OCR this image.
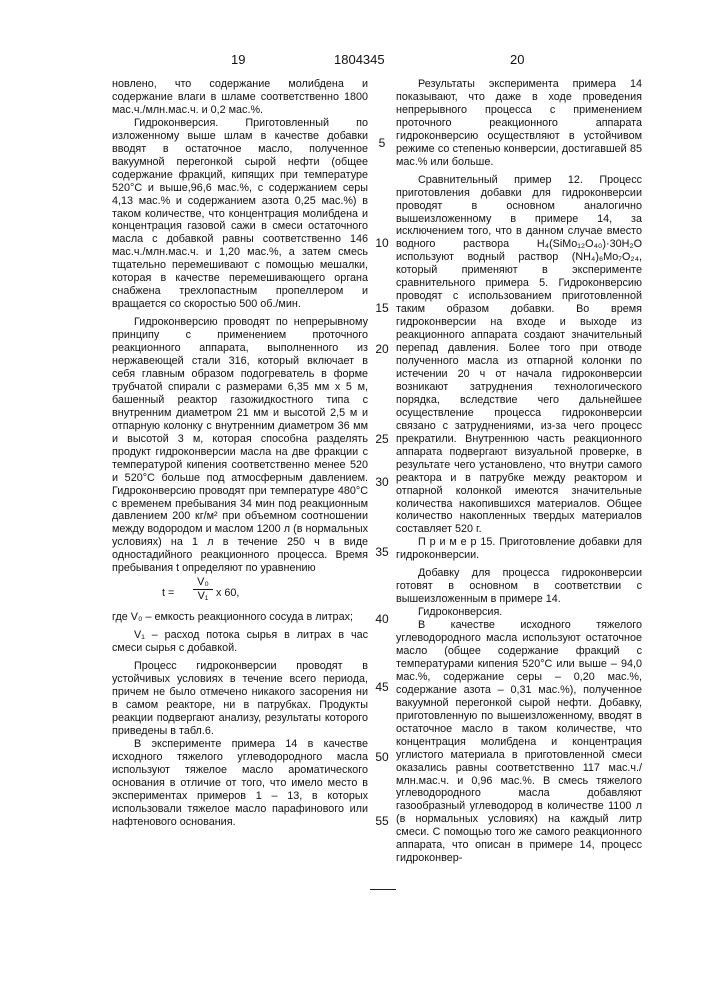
19	1804345	20

новлено, что содержание молибдена и содержание влаги в шламе соответственно 1800 мас.ч./млн.мас.ч. и 0,2 мас.%.

Гидроконверсия. Приготовленный по изложенному выше шлам в качестве добавки вводят в остаточное масло, полученное вакуумной перегонкой сырой нефти (общее содержание фракций, кипящих при температуре 520°С и выше,96,6 мас.%, с содержанием серы 4,13 мас.% и содержанием азота 0,25 мас.%) в таком количестве, что концентрация молибдена и концентрация газовой сажи в смеси остаточного масла с добавкой равны соответственно 146 мас.ч./млн.мас.ч. и 1,20 мас.%, а затем смесь тщательно перемешивают с помощью мешалки, которая в качестве перемешивающего органа снабжена трехлопастным пропеллером и вращается со скоростью 500 об./мин.

Гидроконверсию проводят по непрерывному принципу с применением проточного реакционного аппарата, выполненного из нержавеющей стали 316, который включает в себя главным образом подогреватель в форме трубчатой спирали с размерами 6,35 мм х 5 м, башенный реактор газожидкостного типа с внутренним диаметром 21 мм и высотой 2,5 м и отпарную колонку с внутренним диаметром 36 мм и высотой 3 м, которая способна разделять продукт гидроконверсии масла на две фракции с температурой кипения соответственно менее 520 и 520°С больше под атмосферным давлением. Гидроконверсию проводят при температуре 480°С с временем пребывания 34 мин под реакционным давлением 200 кг/м² при объемном соотношении между водородом и маслом 1200 л (в нормальных условиях) на 1 л в течение 250 ч в виде одностадийного реакционного процесса. Время пребывания t определяют по уравнению

t =
V₀
V₁ x 60,

где V₀ – емкость реакционного сосуда в литрах;

V₁ – расход потока сырья в литрах в час смеси сырья с добавкой.

Процесс гидроконверсии проводят в устойчивых условиях в течение всего периода, причем не было отмечено никакого засорения ни в самом реакторе, ни в патрубках. Продукты реакции подвергают анализу, результаты которого приведены в табл.6.

В эксперименте примера 14 в качестве исходного тяжелого углеводородного масла используют тяжелое масло ароматического основания в отличие от того, что имело место в экспериментах примеров 1 – 13, в которых использовали тяжелое масло парафинового или нафтенового основания.

Результаты эксперимента примера 14 показывают, что даже в ходе проведения непрерывного процесса с применением проточного реакционного аппарата гидроконверсию осуществляют в устойчивом режиме со степенью конверсии, достигавшей 85 мас.% или больше.

Сравнительный пример 12. Процесс приготовления добавки для гидроконверсии проводят в основном аналогично вышеизложенному в примере 14, за исключением того, что в данном случае вместо водного раствора H₄(SiMo₁₂O₄₀)·30H₂O используют водный раствор (NH₄)₆Mo₇O₂₄, который применяют в эксперименте сравнительного примера 5. Гидроконверсию проводят с использованием приготовленной таким образом добавки. Во время гидроконверсии на входе и выходе из реакционного аппарата создают значительный перепад давления. Более того при отводе полученного масла из отпарной колонки по истечении 20 ч от начала гидроконверсии возникают затруднения технологического порядка, вследствие чего дальнейшее осуществление процесса гидроконверсии связано с затруднениями, из-за чего процесс прекратили. Внутреннюю часть реакционного аппарата подвергают визуальной проверке, в результате чего установлено, что внутри самого реактора и в патрубке между реактором и отпарной колонкой имеются значительные количества накопившихся материалов. Общее количество накопленных твердых материалов составляет 520 г.

П р и м е р 15. Приготовление добавки для гидроконверсии.

Добавку для процесса гидроконверсии готовят в основном в соответствии с вышеизложенным в примере 14.

Гидроконверсия.

В качестве исходного тяжелого углеводородного масла используют остаточное масло (общее содержание фракций с температурами кипения 520°С или выше – 94,0 мас.%, содержание серы – 0,20 мас.%, содержание азота – 0,31 мас.%), полученное вакуумной перегонкой сырой нефти. Добавку, приготовленную по вышеизложенному, вводят в остаточное масло в таком количестве, что концентрация молибдена и концентрация углистого материала в приготовленной смеси оказались равны соответственно 117 мас.ч./млн.мас.ч. и 0,96 мас.%. В смесь тяжелого углеводородного масла добавляют газообразный углеводород в количестве 1100 л (в нормальных условиях) на каждый литр смеси. С помощью того же самого реакционного аппарата, что описан в примере 14, процесс гидроконвер-

5
10
15
20
25
30
35
40
45
50
55
